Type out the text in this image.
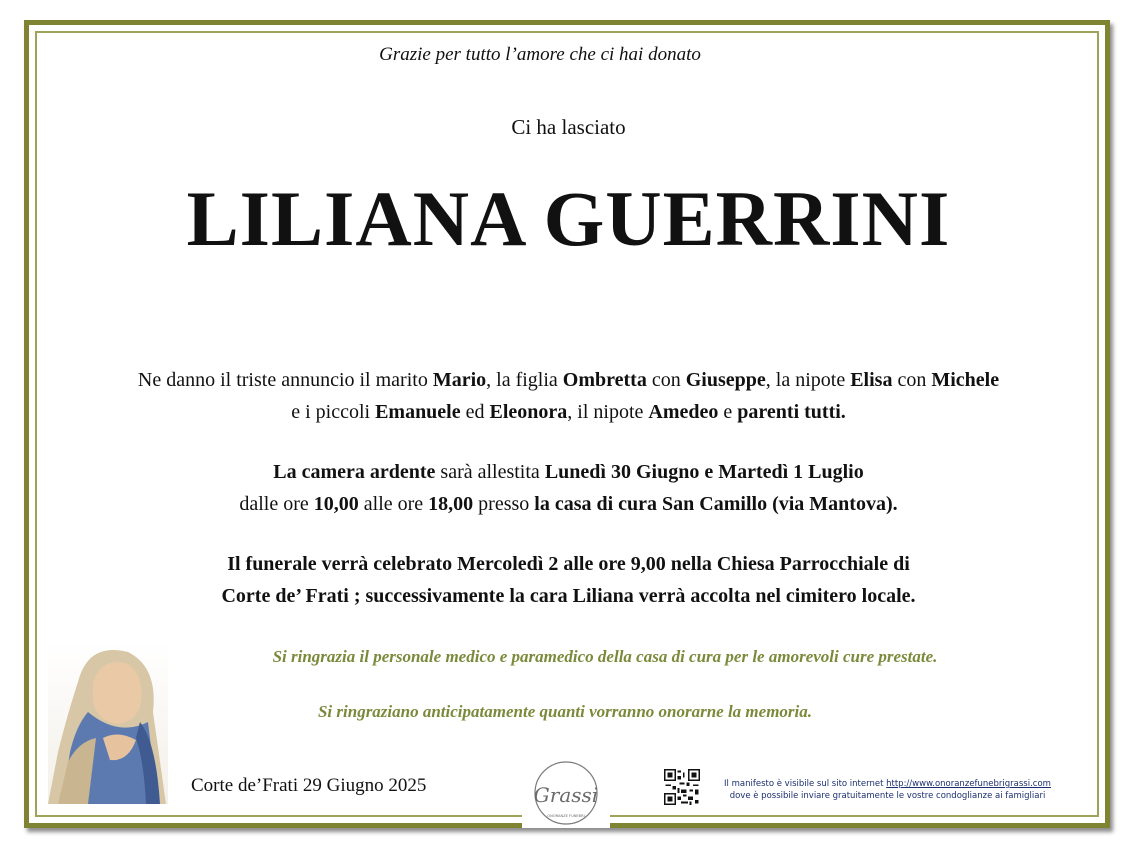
Grazie per tutto l’amore che ci hai donato
Ci ha lasciato
LILIANA GUERRINI
Ne danno il triste annuncio il marito Mario, la figlia Ombretta con Giuseppe, la nipote Elisa con Michele
e i piccoli Emanuele ed Eleonora, il nipote Amedeo e parenti tutti.
La camera ardente sarà allestita Lunedì 30 Giugno e Martedì 1 Luglio
dalle ore 10,00 alle ore 18,00 presso la casa di cura San Camillo (via Mantova).
Il funerale verrà celebrato Mercoledì 2 alle ore 9,00 nella Chiesa Parrocchiale di
Corte de’ Frati ; successivamente la cara Liliana verrà accolta nel cimitero locale.
Si ringrazia il personale medico e paramedico della casa di cura per le amorevoli cure prestate.
Si ringraziano anticipatamente quanti vorranno onorarne la memoria.
Corte de’Frati 29 Giugno 2025	Grassi
ONORANZE FUNEBRI
Il manifesto è visibile sul sito internet http://www.onoranzefunebrigrassi.com
dove è possibile inviare gratuitamente le vostre condoglianze ai famigliari
